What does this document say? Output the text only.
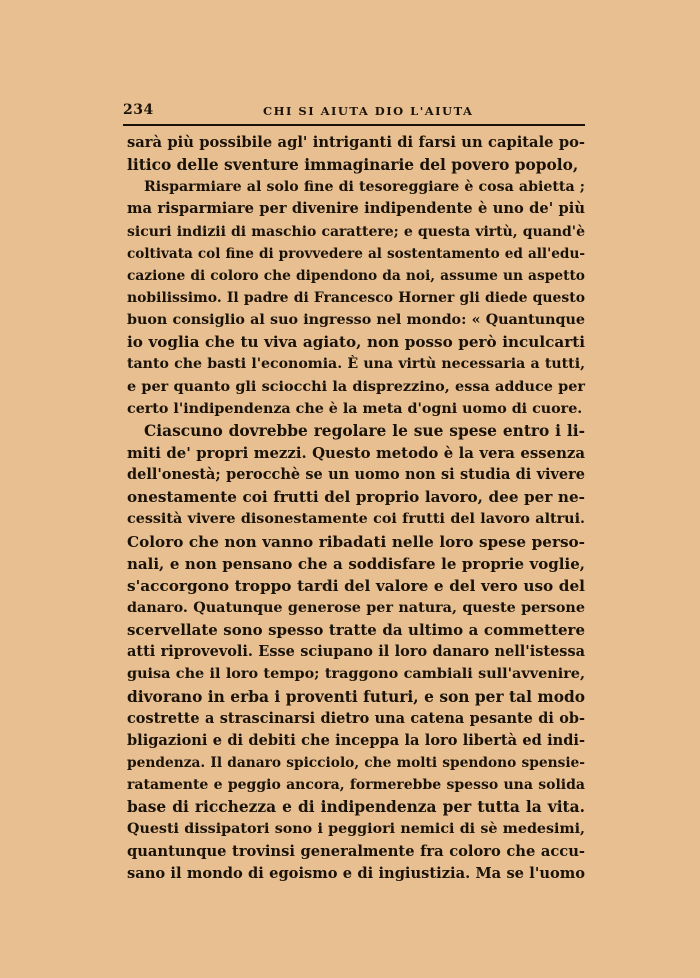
234	CHI SI AIUTA DIO L'AIUTA
sarà più possibile agl' intriganti di farsi un capitale po-
litico delle sventure immaginarie del povero popolo,
Risparmiare al solo fine di tesoreggiare è cosa abietta ;
ma risparmiare per divenire indipendente è uno de' più
sicuri indizii di maschio carattere; e questa virtù, quand'è
coltivata col fine di provvedere al sostentamento ed all'edu-
cazione di coloro che dipendono da noi, assume un aspetto
nobilissimo. Il padre di Francesco Horner gli diede questo
buon consiglio al suo ingresso nel mondo: « Quantunque
io voglia che tu viva agiato, non posso però inculcarti
tanto che basti l'economia. È una virtù necessaria a tutti,
e per quanto gli sciocchi la disprezzino, essa adduce per
certo l'indipendenza che è la meta d'ogni uomo di cuore.
Ciascuno dovrebbe regolare le sue spese entro i li-
miti de' propri mezzi. Questo metodo è la vera essenza
dell'onestà; perocchè se un uomo non si studia di vivere
onestamente coi frutti del proprio lavoro, dee per ne-
cessità vivere disonestamente coi frutti del lavoro altrui.
Coloro che non vanno ribadati nelle loro spese perso-
nali, e non pensano che a soddisfare le proprie voglie,
s'accorgono troppo tardi del valore e del vero uso del
danaro. Quatunque generose per natura, queste persone
scervellate sono spesso tratte da ultimo a commettere
atti riprovevoli. Esse sciupano il loro danaro nell'istessa
guisa che il loro tempo; traggono cambiali sull'avvenire,
divorano in erba i proventi futuri, e son per tal modo
costrette a strascinarsi dietro una catena pesante di ob-
bligazioni e di debiti che inceppa la loro libertà ed indi-
pendenza. Il danaro spicciolo, che molti spendono spensie-
ratamente e peggio ancora, formerebbe spesso una solida
base di ricchezza e di indipendenza per tutta la vita.
Questi dissipatori sono i peggiori nemici di sè medesimi,
quantunque trovinsi generalmente fra coloro che accu-
sano il mondo di egoismo e di ingiustizia. Ma se l'uomo
